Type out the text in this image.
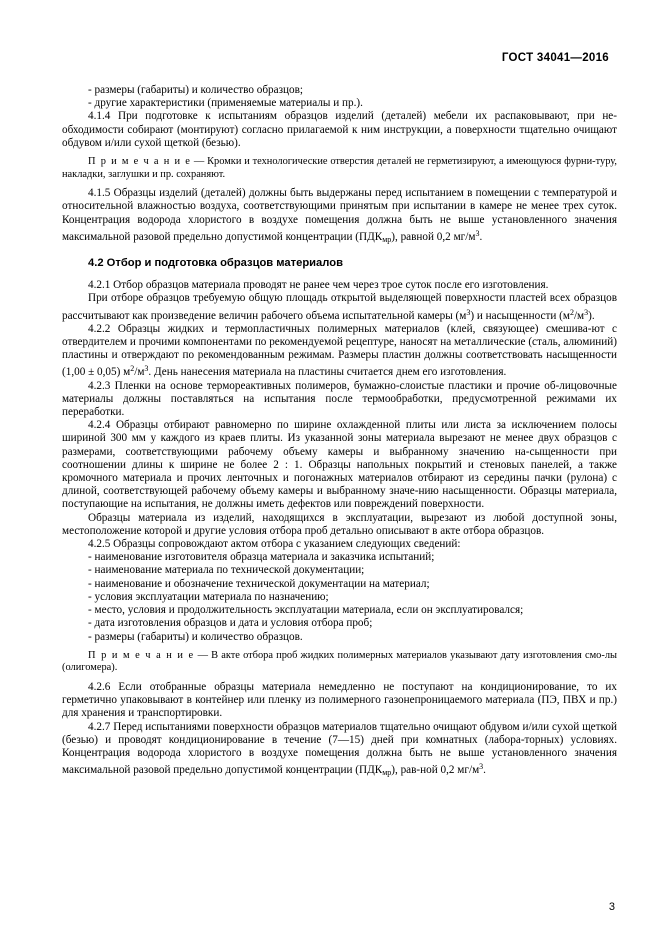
ГОСТ 34041—2016

- размеры (габариты) и количество образцов;

- другие характеристики (применяемые материалы и пр.).

4.1.4 При подготовке к испытаниям образцов изделий (деталей) мебели их распаковывают, при не-обходимости собирают (монтируют) согласно прилагаемой к ним инструкции, а поверхности тщательно очищают обдувом и/или сухой щеткой (безью).

П р и м е ч а н и е — Кромки и технологические отверстия деталей не герметизируют, а имеющуюся фурни-туру, накладки, заглушки и пр. сохраняют.

4.1.5 Образцы изделий (деталей) должны быть выдержаны перед испытанием в помещении с температурой и относительной влажностью воздуха, соответствующими принятым при испытании в камере не менее трех суток. Концентрация водорода хлористого в воздухе помещения должна быть не выше установленного значения максимальной разовой предельно допустимой концентрации $(ПДК_{мр})$, равной 0,2 $мг/м^3$.

4.2 Отбор и подготовка образцов материалов

4.2.1 Отбор образцов материала проводят не ранее чем через трое суток после его изготовления.

При отборе образцов требуемую общую площадь открытой выделяющей поверхности пластей всех образцов рассчитывают как произведение величин рабочего объема испытательной камеры $(м^3)$ и насыщенности $(м^2/м^3)$.

4.2.2 Образцы жидких и термопластичных полимерных материалов (клей, связующее) смешива-ют с отвердителем и прочими компонентами по рекомендуемой рецептуре, наносят на металлические (сталь, алюминий) пластины и отверждают по рекомендованным режимам. Размеры пластин должны соответствовать насыщенности (1,00 ± 0,05) $м^2/м^3$. День нанесения материала на пластины считается днем его изготовления.

4.2.3 Пленки на основе термореактивных полимеров, бумажно-слоистые пластики и прочие об-лицовочные материалы должны поставляться на испытания после термообработки, предусмотренной режимами их переработки.

4.2.4 Образцы отбирают равномерно по ширине охлажденной плиты или листа за исключением полосы шириной 300 мм у каждого из краев плиты. Из указанной зоны материала вырезают не менее двух образцов с размерами, соответствующими рабочему объему камеры и выбранному значению на-сыщенности при соотношении длины к ширине не более 2 : 1. Образцы напольных покрытий и стеновых панелей, а также кромочного материала и прочих ленточных и погонажных материалов отбирают из середины пачки (рулона) с длиной, соответствующей рабочему объему камеры и выбранному значе-нию насыщенности. Образцы материала, поступающие на испытания, не должны иметь дефектов или повреждений поверхности.

Образцы материала из изделий, находящихся в эксплуатации, вырезают из любой доступной зоны, местоположение которой и другие условия отбора проб детально описывают в акте отбора образцов.

4.2.5 Образцы сопровождают актом отбора с указанием следующих сведений:

- наименование изготовителя образца материала и заказчика испытаний;

- наименование материала по технической документации;

- наименование и обозначение технической документации на материал;

- условия эксплуатации материала по назначению;

- место, условия и продолжительность эксплуатации материала, если он эксплуатировался;

- дата изготовления образцов и дата и условия отбора проб;

- размеры (габариты) и количество образцов.

П р и м е ч а н и е — В акте отбора проб жидких полимерных материалов указывают дату изготовления смо-лы (олигомера).

4.2.6 Если отобранные образцы материала немедленно не поступают на кондиционирование, то их герметично упаковывают в контейнер или пленку из полимерного газонепроницаемого материала (ПЭ, ПВХ и пр.) для хранения и транспортировки.

4.2.7 Перед испытаниями поверхности образцов материалов тщательно очищают обдувом и/или сухой щеткой (безью) и проводят кондиционирование в течение (7—15) дней при комнатных (лабора-торных) условиях. Концентрация водорода хлористого в воздухе помещения должна быть не выше установленного значения максимальной разовой предельно допустимой концентрации $(ПДК_{мр})$, рав-ной 0,2 $мг/м^3$.

3
